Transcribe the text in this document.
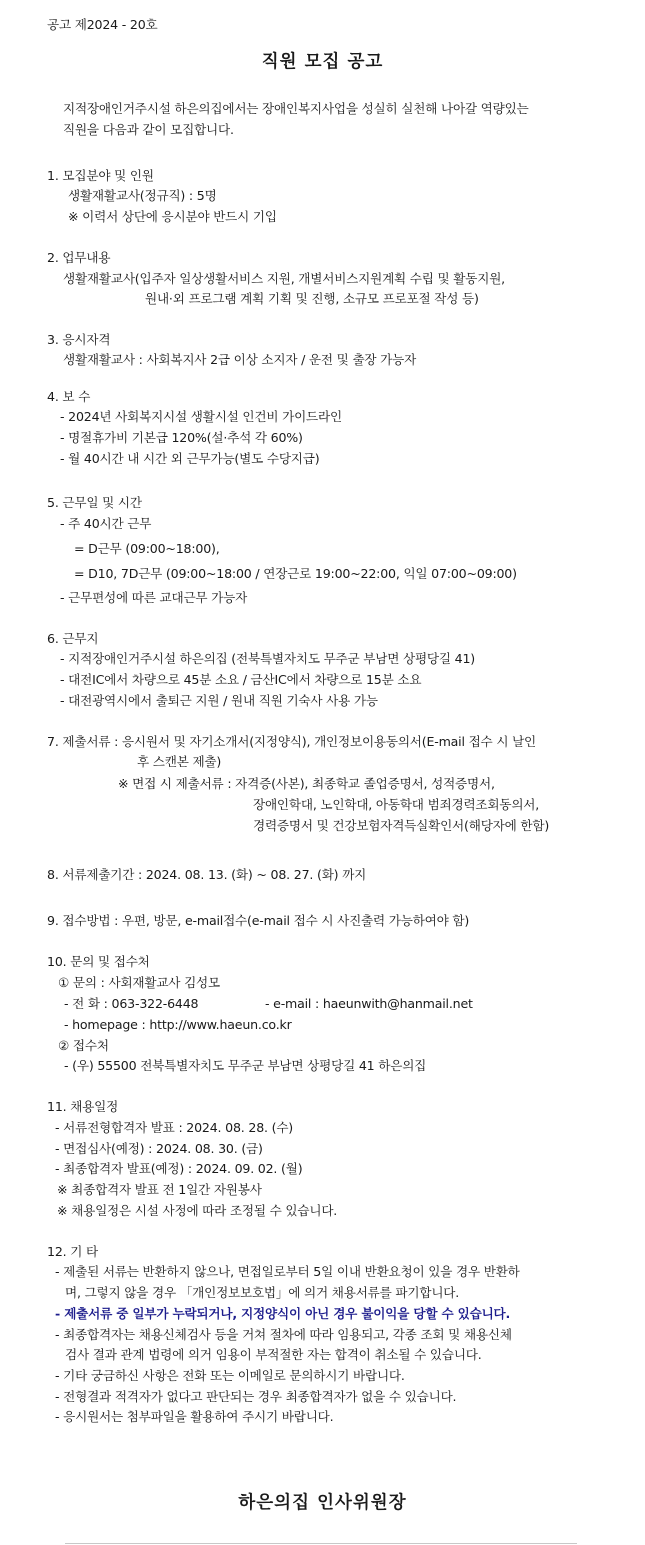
공고 제2024 - 20호
직원 모집 공고
지적장애인거주시설 하은의집에서는 장애인복지사업을 성실히 실천해 나아갈 역량있는
직원을 다음과 같이 모집합니다.
1. 모집분야 및 인원
생활재활교사(정규직) : 5명
※ 이력서 상단에 응시분야 반드시 기입
2. 업무내용
생활재활교사(입주자 일상생활서비스 지원, 개별서비스지원계획 수립 및 활동지원,
원내·외 프로그램 계획 기획 및 진행, 소규모 프로포절 작성 등)
3. 응시자격
생활재활교사 : 사회복지사 2급 이상 소지자 / 운전 및 출장 가능자
4. 보 수
- 2024년 사회복지시설 생활시설 인건비 가이드라인
- 명절휴가비 기본급 120%(설·추석 각 60%)
- 월 40시간 내 시간 외 근무가능(별도 수당지급)
5. 근무일 및 시간
- 주 40시간 근무
= D근무 (09:00~18:00),
= D10, 7D근무 (09:00~18:00 / 연장근로 19:00~22:00, 익일 07:00~09:00)
- 근무편성에 따른 교대근무 가능자
6. 근무지
- 지적장애인거주시설 하은의집 (전북특별자치도 무주군 부남면 상평당길 41)
- 대전IC에서 차량으로 45분 소요 / 금산IC에서 차량으로 15분 소요
- 대전광역시에서 출퇴근 지원 / 원내 직원 기숙사 사용 가능
7. 제출서류 : 응시원서 및 자기소개서(지정양식), 개인정보이용동의서(E-mail 접수 시 날인
후 스캔본 제출)
※ 면접 시 제출서류 : 자격증(사본), 최종학교 졸업증명서, 성적증명서,
장애인학대, 노인학대, 아동학대 범죄경력조회동의서,
경력증명서 및 건강보험자격득실확인서(해당자에 한함)
8. 서류제출기간 : 2024. 08. 13. (화) ~ 08. 27. (화) 까지
9. 접수방법 : 우편, 방문, e-mail접수(e-mail 접수 시 사진출력 가능하여야 함)
10. 문의 및 접수처
① 문의 : 사회재활교사 김성모
- 전 화 : 063-322-6448	- e-mail : haeunwith@hanmail.net
- homepage : http://www.haeun.co.kr
② 접수처
- (우) 55500 전북특별자치도 무주군 부남면 상평당길 41 하은의집
11. 채용일정
- 서류전형합격자 발표 : 2024. 08. 28. (수)
- 면접심사(예정) : 2024. 08. 30. (금)
- 최종합격자 발표(예정) : 2024. 09. 02. (월)
※ 최종합격자 발표 전 1일간 자원봉사
※ 채용일정은 시설 사정에 따라 조정될 수 있습니다.
12. 기 타
- 제출된 서류는 반환하지 않으나, 면접일로부터 5일 이내 반환요청이 있을 경우 반환하
며, 그렇지 않을 경우 「개인정보보호법」에 의거 채용서류를 파기합니다.
- 제출서류 중 일부가 누락되거나, 지정양식이 아닌 경우 불이익을 당할 수 있습니다.
- 최종합격자는 채용신체검사 등을 거쳐 절차에 따라 임용되고, 각종 조회 및 채용신체
검사 결과 관계 법령에 의거 임용이 부적절한 자는 합격이 취소될 수 있습니다.
- 기타 궁금하신 사항은 전화 또는 이메일로 문의하시기 바랍니다.
- 전형결과 적격자가 없다고 판단되는 경우 최종합격자가 없을 수 있습니다.
- 응시원서는 첨부파일을 활용하여 주시기 바랍니다.
하은의집 인사위원장
